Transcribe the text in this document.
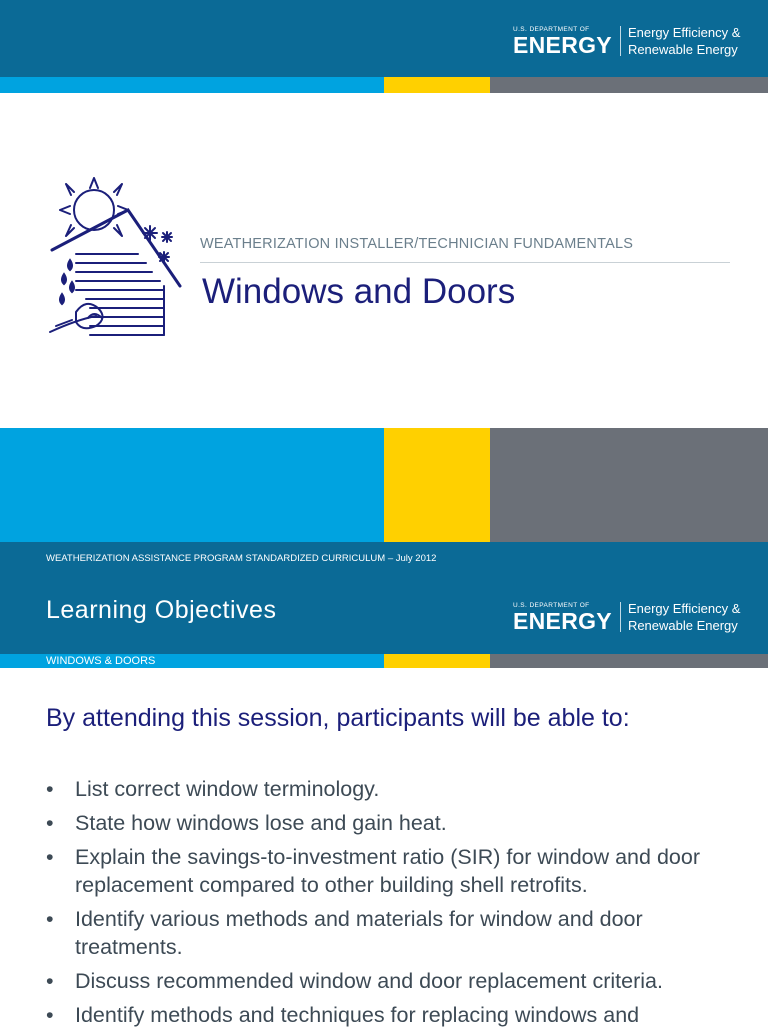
U.S. DEPARTMENT OF
ENERGY Energy Efficiency &
Renewable Energy
WEATHERIZATION INSTALLER/TECHNICIAN FUNDAMENTALS
Windows and Doors
WEATHERIZATION ASSISTANCE PROGRAM STANDARDIZED CURRICULUM – July 2012
Learning Objectives	U.S. DEPARTMENT OF
ENERGY Energy Efficiency &
Renewable Energy
WINDOWS & DOORS
By attending this session, participants will be able to:
• List correct window terminology.
• State how windows lose and gain heat.
• Explain the savings-to-investment ratio (SIR) for window and door replacement compared to other building shell retrofits.
• Identify various methods and materials for window and door treatments.
• Discuss recommended window and door replacement criteria.
• Identify methods and techniques for replacing windows and
